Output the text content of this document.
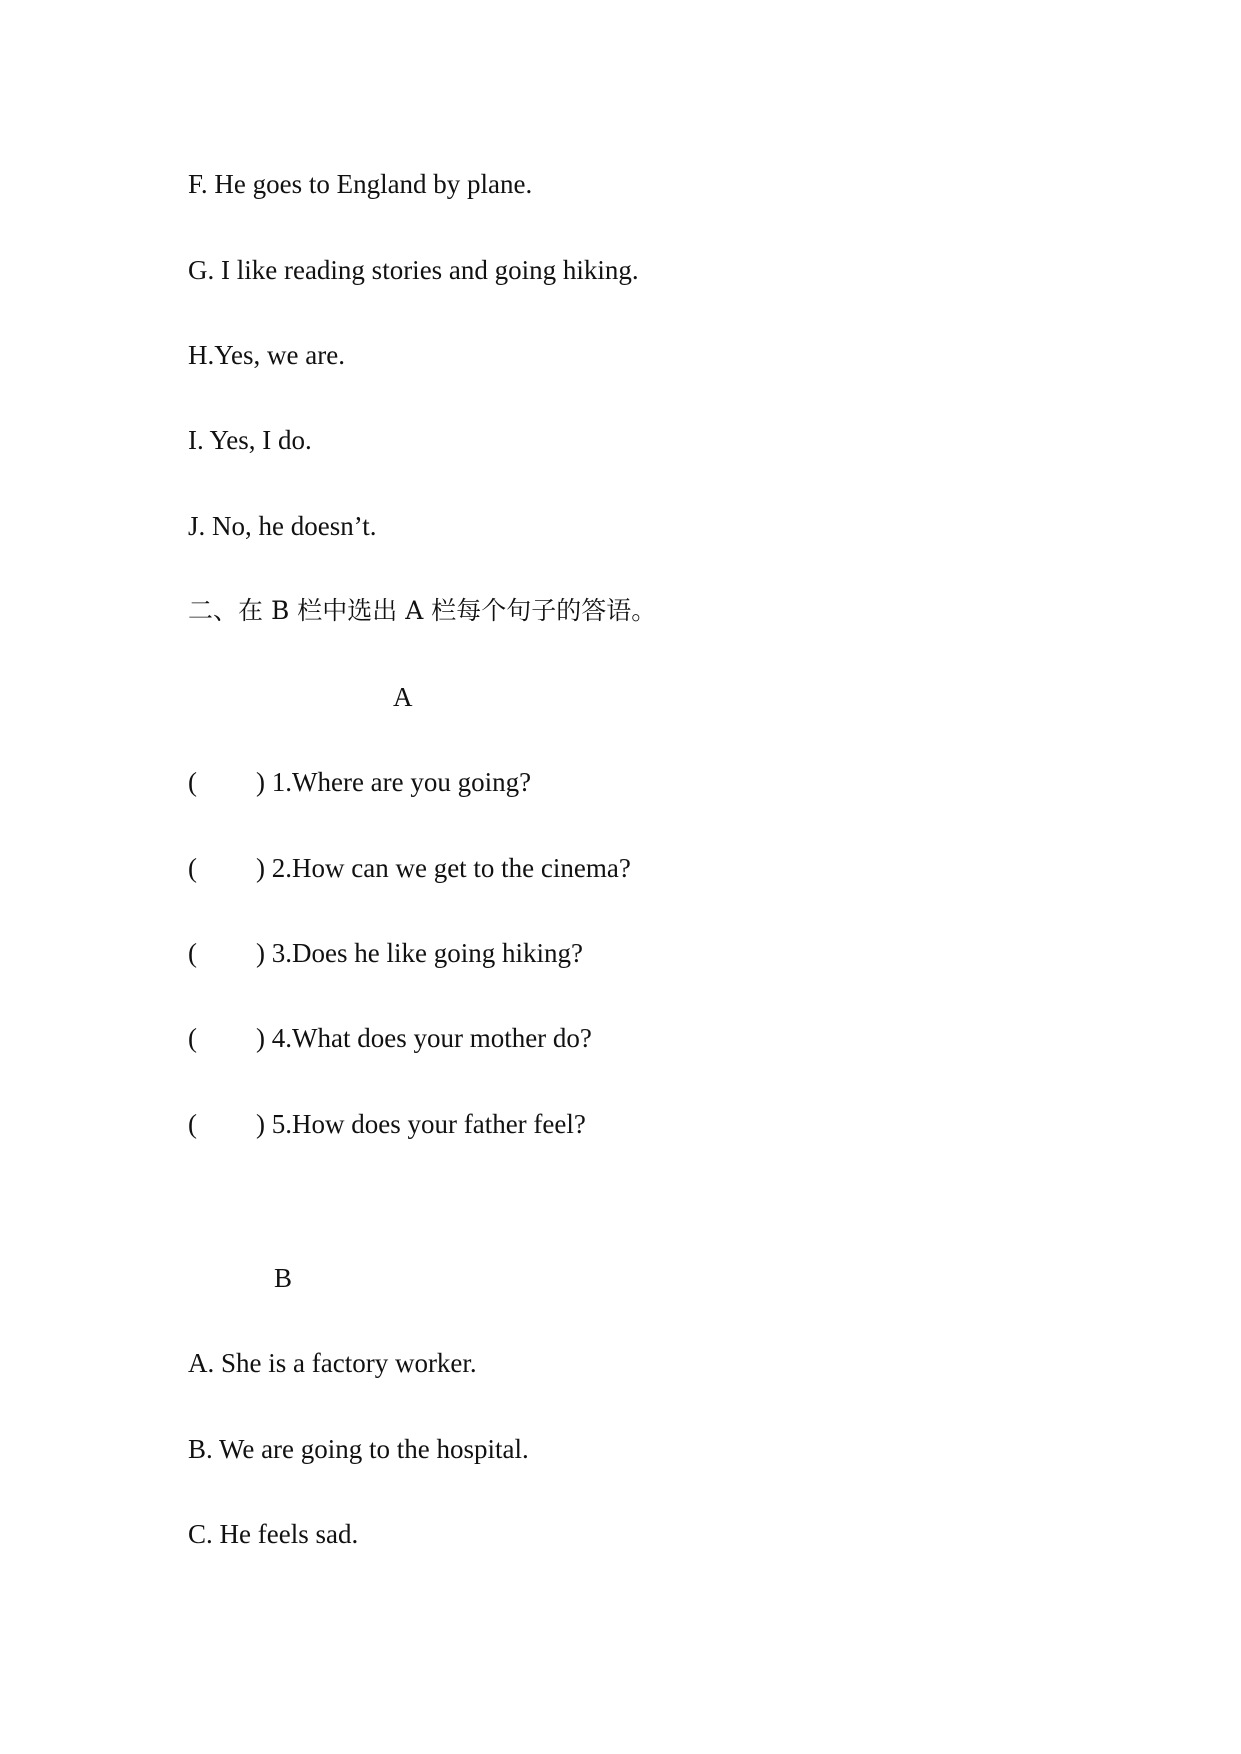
F. He goes to England by plane.
G. I like reading stories and going hiking.
H.Yes, we are.
I. Yes, I do.
J. No, he doesn’t.
二、在 B 栏中选出 A 栏每个句子的答语。
A
( ) 1.Where are you going?
( ) 2.How can we get to the cinema?
( ) 3.Does he like going hiking?
( ) 4.What does your mother do?
( ) 5.How does your father feel?
B
A. She is a factory worker.
B. We are going to the hospital.
C. He feels sad.
